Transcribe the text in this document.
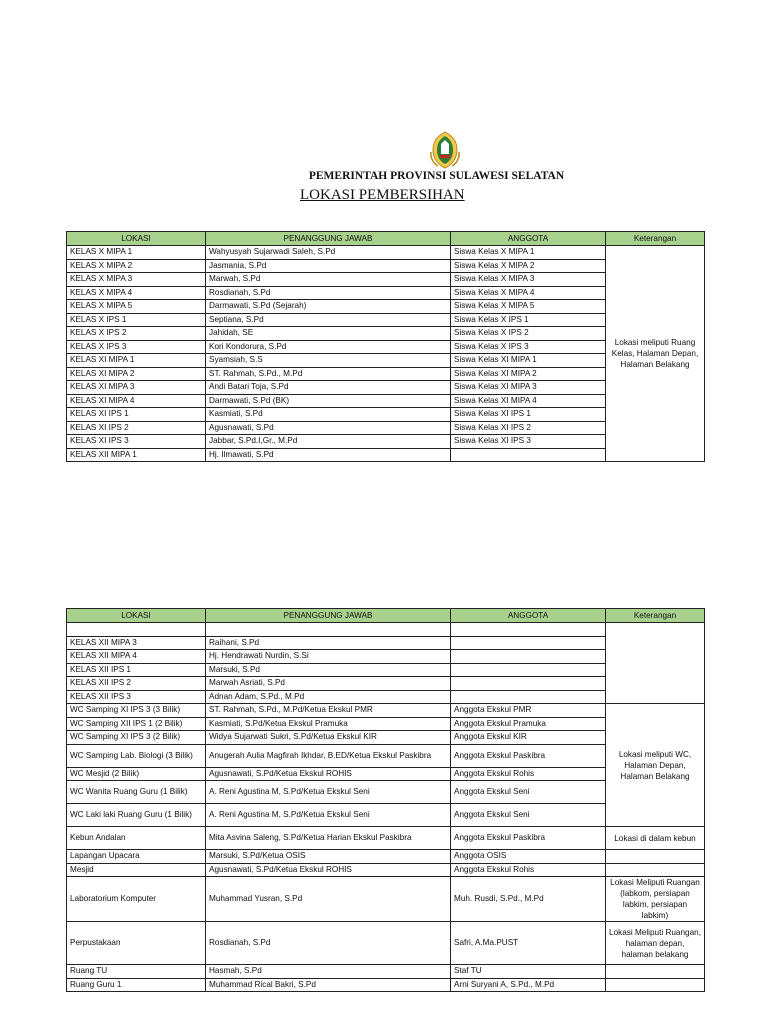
PEMERINTAH PROVINSI SULAWESI SELATAN
LOKASI PEMBERSIHAN
LOKASI	PENANGGUNG JAWAB	ANGGOTA	Keterangan
KELAS X MIPA 1	Wahyusyah Sujarwadi Saleh, S.Pd	Siswa Kelas X MIPA 1	Lokasi meliputi Ruang Kelas, Halaman Depan, Halaman Belakang
KELAS X MIPA 2	Jasmania, S.Pd	Siswa Kelas X MIPA 2	
KELAS X MIPA 3	Marwah, S.Pd	Siswa Kelas X MIPA 3	
KELAS X MIPA 4	Rosdianah, S.Pd	Siswa Kelas X MIPA 4	
KELAS X MIPA 5	Darmawati, S.Pd (Sejarah)	Siswa Kelas X MIPA 5	
KELAS X IPS 1	Septiana, S.Pd	Siswa Kelas X IPS 1	
KELAS X IPS 2	Jahidah, SE	Siswa Kelas X IPS 2	
KELAS X IPS 3	Kori Kondorura, S.Pd	Siswa Kelas X IPS 3	
KELAS XI MIPA 1	Syamsiah, S.S	Siswa Kelas XI MIPA 1	
KELAS XI MIPA 2	ST. Rahmah, S.Pd., M.Pd	Siswa Kelas XI MIPA 2	
KELAS XI MIPA 3	Andi Batari Toja, S.Pd	Siswa Kelas XI MIPA 3	
KELAS XI MIPA 4	Darmawati, S.Pd (BK)	Siswa Kelas XI MIPA 4	
KELAS XI IPS 1	Kasmiati, S.Pd	Siswa Kelas XI IPS 1	
KELAS XI IPS 2	Agusnawati, S.Pd	Siswa Kelas XI IPS 2	
KELAS XI IPS 3	Jabbar, S.Pd.I,Gr., M.Pd	Siswa Kelas XI IPS 3	
KELAS XII MIPA 1	Hj. Ilmawati, S.Pd		
LOKASI	PENANGGUNG JAWAB	ANGGOTA	Keterangan

KELAS XII MIPA 3	Raihani, S.Pd		
KELAS XII MIPA 4	Hj. Hendrawati Nurdin, S.Si		
KELAS XII IPS 1	Marsuki, S.Pd		
KELAS XII IPS 2	Marwah Asriati, S.Pd		
KELAS XII IPS 3	Adnan Adam, S.Pd., M.Pd		
WC Samping XI IPS 3 (3 Bilik)	ST. Rahmah, S.Pd., M.Pd/Ketua Ekskul PMR	Anggota Ekskul PMR	Lokasi meliputi WC, Halaman Depan, Halaman Belakang
WC Samping XII IPS 1 (2 Bilik)	Kasmiati, S.Pd/Ketua Ekskul Pramuka	Anggota Ekskul Pramuka	
WC Samping XI IPS 3 (2 Bilik)	Widya Sujarwati Sukri, S.Pd/Ketua Ekskul KIR	Anggota Ekskul KIR	
WC Samping Lab. Biologi (3 Bilik)	Anugerah Aulia Magfirah Ikhdar, B.ED/Ketua Ekskul Paskibra	Anggota Ekskul Paskibra	
WC Mesjid (2 Bilik)	Agusnawati, S.Pd/Ketua Ekskul ROHIS	Anggota Ekskul Rohis	
WC Wanita Ruang Guru (1 Bilik)	A. Reni Agustina M, S.Pd/Ketua Ekskul Seni	Anggota Ekskul Seni	
WC Laki laki Ruang Guru (1 Bilik)	A. Reni Agustina M, S.Pd/Ketua Ekskul Seni	Anggota Ekskul Seni	
Kebun Andalan	Mita Asvina Saleng, S.Pd/Ketua Harian Ekskul Paskibra	Anggota Ekskul Paskibra	Lokasi di dalam kebun
Lapangan Upacara	Marsuki, S.Pd/Ketua OSIS	Anggota OSIS	
Mesjid	Agusnawati, S.Pd/Ketua Ekskul ROHIS	Anggota Ekskul Rohis	
Laboratorium Komputer	Muhammad Yusran, S.Pd	Muh. Rusdi, S.Pd., M.Pd	Lokasi Meliputi Ruangan (labkom, persiapan labkim, persiapan labkim)
Perpustakaan	Rosdianah, S.Pd	Safri, A.Ma.PUST	Lokasi Meliputi Ruangan, halaman depan, halaman belakang
Ruang TU	Hasmah, S.Pd	Staf TU	
Ruang Guru 1	Muhammad Rical Bakri, S.Pd	Arni Suryani A, S.Pd., M.Pd	
